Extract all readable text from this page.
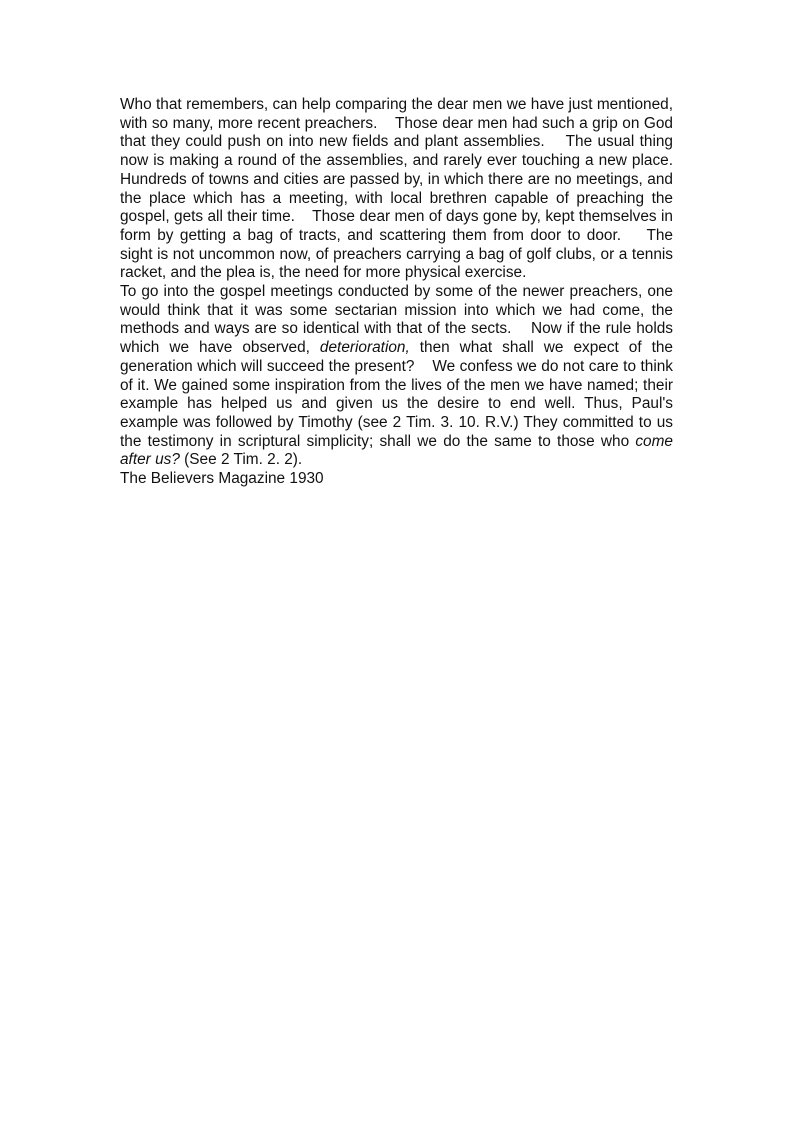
Who that remembers, can help comparing the dear men we have just mentioned, with so many, more recent preachers.    Those dear men had such a grip on God that they could push on into new fields and plant assemblies.    The usual thing now is making a round of the assemblies, and rarely ever touching a new place.    Hundreds of towns and cities are passed by, in which there are no meetings, and the place which has a meeting, with local brethren capable of preaching the gospel, gets all their time.    Those dear men of days gone by, kept themselves in form by getting a bag of tracts, and scattering them from door to door.    The sight is not uncommon now, of preachers carrying a bag of golf clubs, or a tennis racket, and the plea is, the need for more physical exercise.

To go into the gospel meetings conducted by some of the newer preachers, one would think that it was some sectarian mission into which we had come, the methods and ways are so identical with that of the sects.    Now if the rule holds which we have observed, deterioration, then what shall we expect of the generation which will succeed the present?    We confess we do not care to think of it. We gained some inspiration from the lives of the men we have named; their example has helped us and given us the desire to end well. Thus, Paul's example was followed by Timothy (see 2 Tim. 3. 10. R.V.) They committed to us the testimony in scriptural simplicity; shall we do the same to those who come after us? (See 2 Tim. 2. 2).

The Believers Magazine 1930
